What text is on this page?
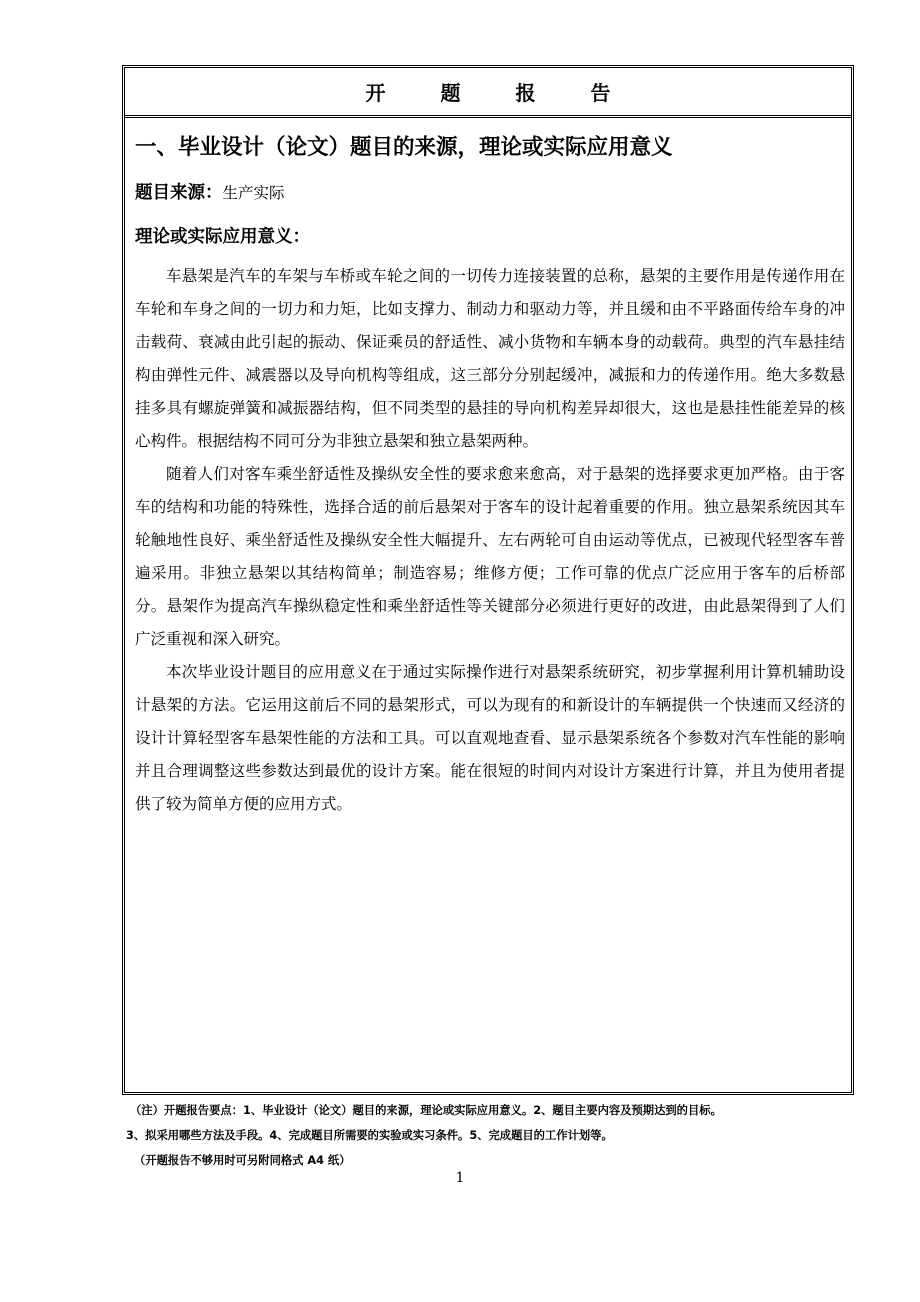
开 题 报 告
一、毕业设计（论文）题目的来源，理论或实际应用意义
题目来源：生产实际
理论或实际应用意义：

车悬架是汽车的车架与车桥或车轮之间的一切传力连接装置的总称，悬架的主要作用是传递作用在车轮和车身之间的一切力和力矩，比如支撑力、制动力和驱动力等，并且缓和由不平路面传给车身的冲击载荷、衰减由此引起的振动、保证乘员的舒适性、减小货物和车辆本身的动载荷。典型的汽车悬挂结构由弹性元件、减震器以及导向机构等组成，这三部分分别起缓冲，减振和力的传递作用。绝大多数悬挂多具有螺旋弹簧和减振器结构，但不同类型的悬挂的导向机构差异却很大，这也是悬挂性能差异的核心构件。根据结构不同可分为非独立悬架和独立悬架两种。

随着人们对客车乘坐舒适性及操纵安全性的要求愈来愈高，对于悬架的选择要求更加严格。由于客车的结构和功能的特殊性，选择合适的前后悬架对于客车的设计起着重要的作用。独立悬架系统因其车轮触地性良好、乘坐舒适性及操纵安全性大幅提升、左右两轮可自由运动等优点，已被现代轻型客车普遍采用。非独立悬架以其结构简单；制造容易；维修方便；工作可靠的优点广泛应用于客车的后桥部分。悬架作为提高汽车操纵稳定性和乘坐舒适性等关键部分必须进行更好的改进，由此悬架得到了人们广泛重视和深入研究。

本次毕业设计题目的应用意义在于通过实际操作进行对悬架系统研究，初步掌握利用计算机辅助设计悬架的方法。它运用这前后不同的悬架形式，可以为现有的和新设计的车辆提供一个快速而又经济的设计计算轻型客车悬架性能的方法和工具。可以直观地查看、显示悬架系统各个参数对汽车性能的影响并且合理调整这些参数达到最优的设计方案。能在很短的时间内对设计方案进行计算，并且为使用者提供了较为简单方便的应用方式。

（注）开题报告要点：1、毕业设计（论文）题目的来源，理论或实际应用意义。2、题目主要内容及预期达到的目标。
3、拟采用哪些方法及手段。4、完成题目所需要的实验或实习条件。5、完成题目的工作计划等。
（开题报告不够用时可另附同格式 A4 纸）
1
